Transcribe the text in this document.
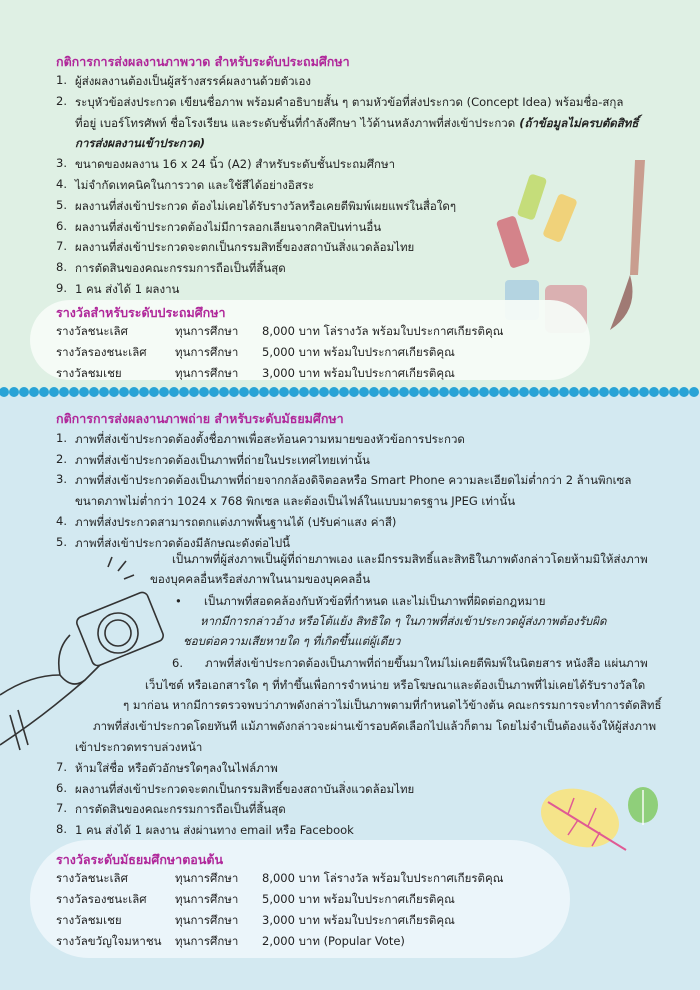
กติการการส่งผลงานภาพวาด สำหรับระดับประถมศึกษา
1. ผู้ส่งผลงานต้องเป็นผู้สร้างสรรค์ผลงานด้วยตัวเอง
2. ระบุหัวข้อส่งประกวด เขียนชื่อภาพ พร้อมคำอธิบายสั้น ๆ ตามหัวข้อที่ส่งประกวด (Concept Idea) พร้อมชื่อ-สกุล
ที่อยู่ เบอร์โทรศัพท์ ชื่อโรงเรียน และระดับชั้นที่กำลังศึกษา ไว้ด้านหลังภาพที่ส่งเข้าประกวด (ถ้าข้อมูลไม่ครบตัดสิทธิ์
การส่งผลงานเข้าประกวด)
3. ขนาดของผลงาน 16 x 24 นิ้ว (A2) สำหรับระดับชั้นประถมศึกษา
4. ไม่จำกัดเทคนิคในการวาด และใช้สีได้อย่างอิสระ
5. ผลงานที่ส่งเข้าประกวด ต้องไม่เคยได้รับรางวัลหรือเคยตีพิมพ์เผยแพร่ในสื่อใดๆ
6. ผลงานที่ส่งเข้าประกวดต้องไม่มีการลอกเลียนจากศิลปินท่านอื่น
7. ผลงานที่ส่งเข้าประกวดจะตกเป็นกรรมสิทธิ์ของสถาบันสิ่งแวดล้อมไทย
8. การตัดสินของคณะกรรมการถือเป็นที่สิ้นสุด
9. 1 คน ส่งได้ 1 ผลงาน
รางวัลสำหรับระดับประถมศึกษา
รางวัลชนะเลิศ	ทุนการศึกษา 8,000 บาท โล่รางวัล พร้อมใบประกาศเกียรติคุณ
รางวัลรองชนะเลิศ ทุนการศึกษา 5,000 บาท พร้อมใบประกาศเกียรติคุณ
รางวัลชมเชย	ทุนการศึกษา 3,000 บาท พร้อมใบประกาศเกียรติคุณ
กติการการส่งผลงานภาพถ่าย สำหรับระดับมัธยมศึกษา
1. ภาพที่ส่งเข้าประกวดต้องตั้งชื่อภาพเพื่อสะท้อนความหมายของหัวข้อการประกวด
2. ภาพที่ส่งเข้าประกวดต้องเป็นภาพที่ถ่ายในประเทศไทยเท่านั้น
3. ภาพที่ส่งเข้าประกวดต้องเป็นภาพที่ถ่ายจากกล้องดิจิตอลหรือ Smart Phone ความละเอียดไม่ต่ำกว่า 2 ล้านพิกเซล
ขนาดภาพไม่ต่ำกว่า 1024 x 768 พิกเซล และต้องเป็นไฟล์ในแบบมาตรฐาน JPEG เท่านั้น
4. ภาพที่ส่งประกวดสามารถตกแต่งภาพพื้นฐานได้ (ปรับค่าแสง ค่าสี)
5. ภาพที่ส่งเข้าประกวดต้องมีลักษณะดังต่อไปนี้
เป็นภาพที่ผู้ส่งภาพเป็นผู้ที่ถ่ายภาพเอง และมีกรรมสิทธิ์และสิทธิในภาพดังกล่าวโดยห้ามมิให้ส่งภาพ
ของบุคคลอื่นหรือส่งภาพในนามของบุคคลอื่น
• เป็นภาพที่สอดคล้องกับหัวข้อที่กำหนด และไม่เป็นภาพที่ผิดต่อกฎหมาย
หากมีการกล่าวอ้าง หรือโต้แย้ง สิทธิใด ๆ ในภาพที่ส่งเข้าประกวดผู้ส่งภาพต้องรับผิด
ชอบต่อความเสียหายใด ๆ ที่เกิดขึ้นแต่ผู้เดียว
6. ภาพที่ส่งเข้าประกวดต้องเป็นภาพที่ถ่ายขึ้นมาใหม่ไม่เคยตีพิมพ์ในนิตยสาร หนังสือ แผ่นภาพ
เว็บไซต์ หรือเอกสารใด ๆ ที่ทำขึ้นเพื่อการจำหน่าย หรือโฆษณาและต้องเป็นภาพที่ไม่เคยได้รับรางวัลใด
ๆ มาก่อน หากมีการตรวจพบว่าภาพดังกล่าวไม่เป็นภาพตามที่กำหนดไว้ข้างต้น คณะกรรมการจะทำการตัดสิทธิ์
ภาพที่ส่งเข้าประกวดโดยทันที แม้ภาพดังกล่าวจะผ่านเข้ารอบคัดเลือกไปแล้วก็ตาม โดยไม่จำเป็นต้องแจ้งให้ผู้ส่งภาพ
เข้าประกวดทราบล่วงหน้า
7. ห้ามใส่ชื่อ หรือตัวอักษรใดๆลงในไฟล์ภาพ
6. ผลงานที่ส่งเข้าประกวดจะตกเป็นกรรมสิทธิ์ของสถาบันสิ่งแวดล้อมไทย
7. การตัดสินของคณะกรรมการถือเป็นที่สิ้นสุด
8. 1 คน ส่งได้ 1 ผลงาน ส่งผ่านทาง email หรือ Facebook
รางวัลระดับมัธยมศึกษาตอนต้น
รางวัลชนะเลิศ	ทุนการศึกษา 8,000 บาท โล่รางวัล พร้อมใบประกาศเกียรติคุณ
รางวัลรองชนะเลิศ ทุนการศึกษา 5,000 บาท พร้อมใบประกาศเกียรติคุณ
รางวัลชมเชย	ทุนการศึกษา 3,000 บาท พร้อมใบประกาศเกียรติคุณ
รางวัลขวัญใจมหาชน ทุนการศึกษา 2,000 บาท (Popular Vote)
